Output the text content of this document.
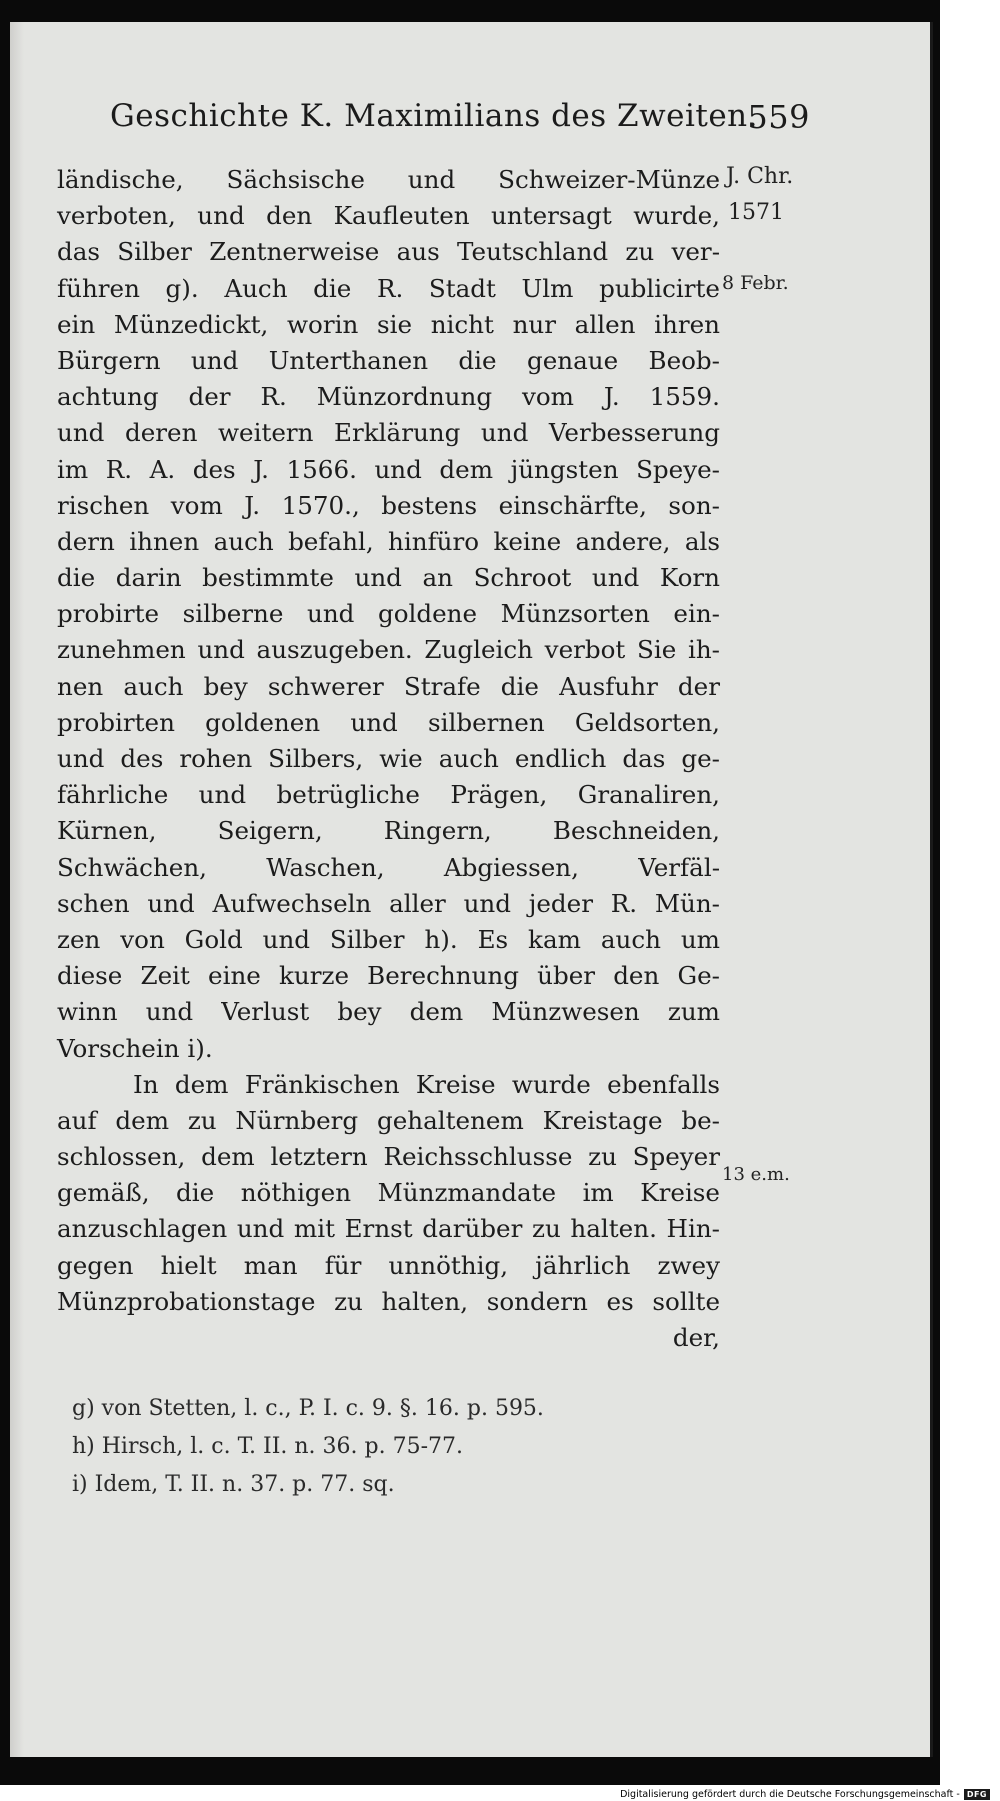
Geschichte K. Maximilians des Zweiten.
559
ländische, Sächsische und Schweizer-Münze
verboten, und den Kaufleuten untersagt wurde,
das Silber Zentnerweise aus Teutschland zu ver-
führen g). Auch die R. Stadt Ulm publicirte
ein Münzedickt, worin sie nicht nur allen ihren
Bürgern und Unterthanen die genaue Beob-
achtung der R. Münzordnung vom J. 1559.
und deren weitern Erklärung und Verbesserung
im R. A. des J. 1566. und dem jüngsten Speye-
rischen vom J. 1570., bestens einschärfte, son-
dern ihnen auch befahl, hinfüro keine andere, als
die darin bestimmte und an Schroot und Korn
probirte silberne und goldene Münzsorten ein-
zunehmen und auszugeben. Zugleich verbot Sie ih-
nen auch bey schwerer Strafe die Ausfuhr der
probirten goldenen und silbernen Geldsorten,
und des rohen Silbers, wie auch endlich das ge-
fährliche und betrügliche Prägen, Granaliren,
Kürnen, Seigern, Ringern, Beschneiden,
Schwächen, Waschen, Abgiessen, Verfäl-
schen und Aufwechseln aller und jeder R. Mün-
zen von Gold und Silber h). Es kam auch um
diese Zeit eine kurze Berechnung über den Ge-
winn und Verlust bey dem Münzwesen zum
Vorschein i).
In dem Fränkischen Kreise wurde ebenfalls
auf dem zu Nürnberg gehaltenem Kreistage be-
schlossen, dem letztern Reichsschlusse zu Speyer
gemäß, die nöthigen Münzmandate im Kreise
anzuschlagen und mit Ernst darüber zu halten. Hin-
gegen hielt man für unnöthig, jährlich zwey
Münzprobationstage zu halten, sondern es sollte
der,
J. Chr.
1571
8 Febr.
13 e.m.
g) von Stetten, l. c., P. I. c. 9. §. 16. p. 595.
h) Hirsch, l. c. T. II. n. 36. p. 75-77.
i) Idem, T. II. n. 37. p. 77. sq.
Digitalisierung gefördert durch die Deutsche Forschungsgemeinschaft - DFG
